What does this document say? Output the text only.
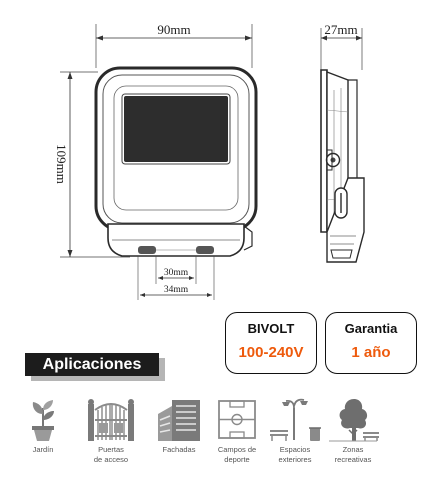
90mm
109mm
30mm
34mm
27mm
BIVOLT
100-240V
Garantia
1 año
Aplicaciones
Jardín	Puertas
de acceso
Fachadas	Campos de
deporte
Espacios
exteriores
Zonas
recreativas
